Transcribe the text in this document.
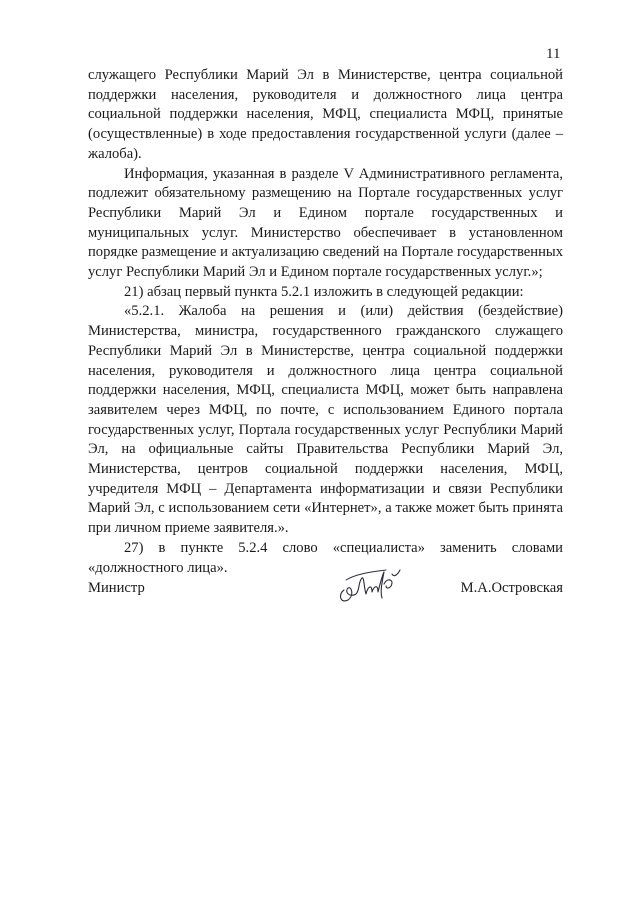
11

служащего Республики Марий Эл в Министерстве, центра социальной поддержки населения, руководителя и должностного лица центра социальной поддержки населения, МФЦ, специалиста МФЦ, принятые (осуществленные) в ходе предоставления государственной услуги (далее – жалоба).

Информация, указанная в разделе V Административного регламента, подлежит обязательному размещению на Портале государственных услуг Республики Марий Эл и Едином портале государственных и муниципальных услуг. Министерство обеспечивает в установленном порядке размещение и актуализацию сведений на Портале государственных услуг Республики Марий Эл и Едином портале государственных услуг.»;

21) абзац первый пункта 5.2.1 изложить в следующей редакции:

«5.2.1. Жалоба на решения и (или) действия (бездействие) Министерства, министра, государственного гражданского служащего Республики Марий Эл в Министерстве, центра социальной поддержки населения, руководителя и должностного лица центра социальной поддержки населения, МФЦ, специалиста МФЦ, может быть направлена заявителем через МФЦ, по почте, с использованием Единого портала государственных услуг, Портала государственных услуг Республики Марий Эл, на официальные сайты Правительства Республики Марий Эл, Министерства, центров социальной поддержки населения, МФЦ, учредителя МФЦ – Департамента информатизации и связи Республики Марий Эл, с использованием сети «Интернет», а также может быть принята при личном приеме заявителя.».

27) в пункте 5.2.4 слово «специалиста» заменить словами «должностного лица».

Министр	М.А.Островская
